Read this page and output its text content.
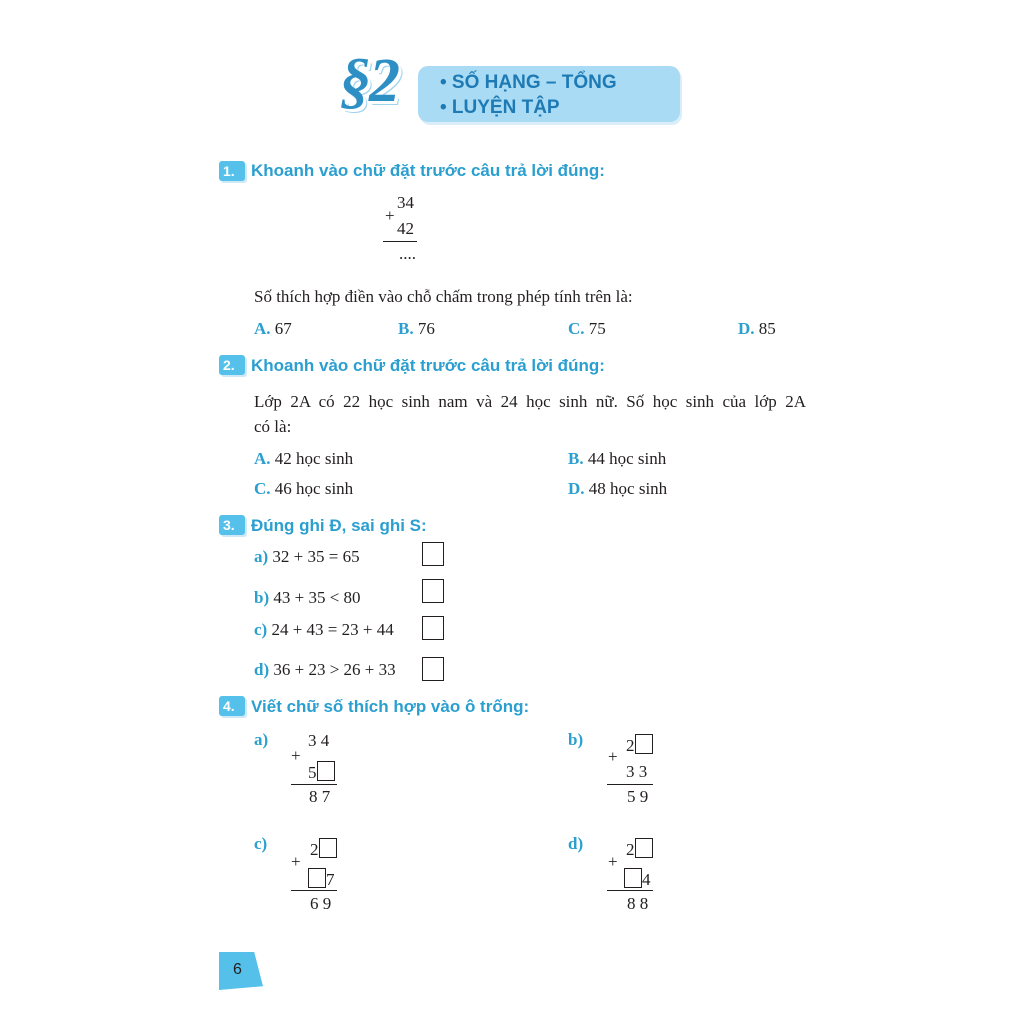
§2 • SỐ HẠNG – TỔNG
• LUYỆN TẬP
1. Khoanh vào chữ đặt trước câu trả lời đúng:
34
+
42
....
Số thích hợp điền vào chỗ chấm trong phép tính trên là:
A. 67	B. 76	C. 75	D. 85
2. Khoanh vào chữ đặt trước câu trả lời đúng:
Lớp 2A có 22 học sinh nam và 24 học sinh nữ. Số học sinh của lớp 2A
có là:
A. 42 học sinh	B. 44 học sinh
C. 46 học sinh	D. 48 học sinh
3. Đúng ghi Đ, sai ghi S:
a) 32 + 35 = 65
b) 43 + 35 < 80
c) 24 + 43 = 23 + 44
d) 36 + 23 > 26 + 33
4. Viết chữ số thích hợp vào ô trống:
a) 3 4
+
5
8 7
b)	2
+
3 3
5 9
c)	2
+
7
6 9
d)	2
+
4
8 8
6
